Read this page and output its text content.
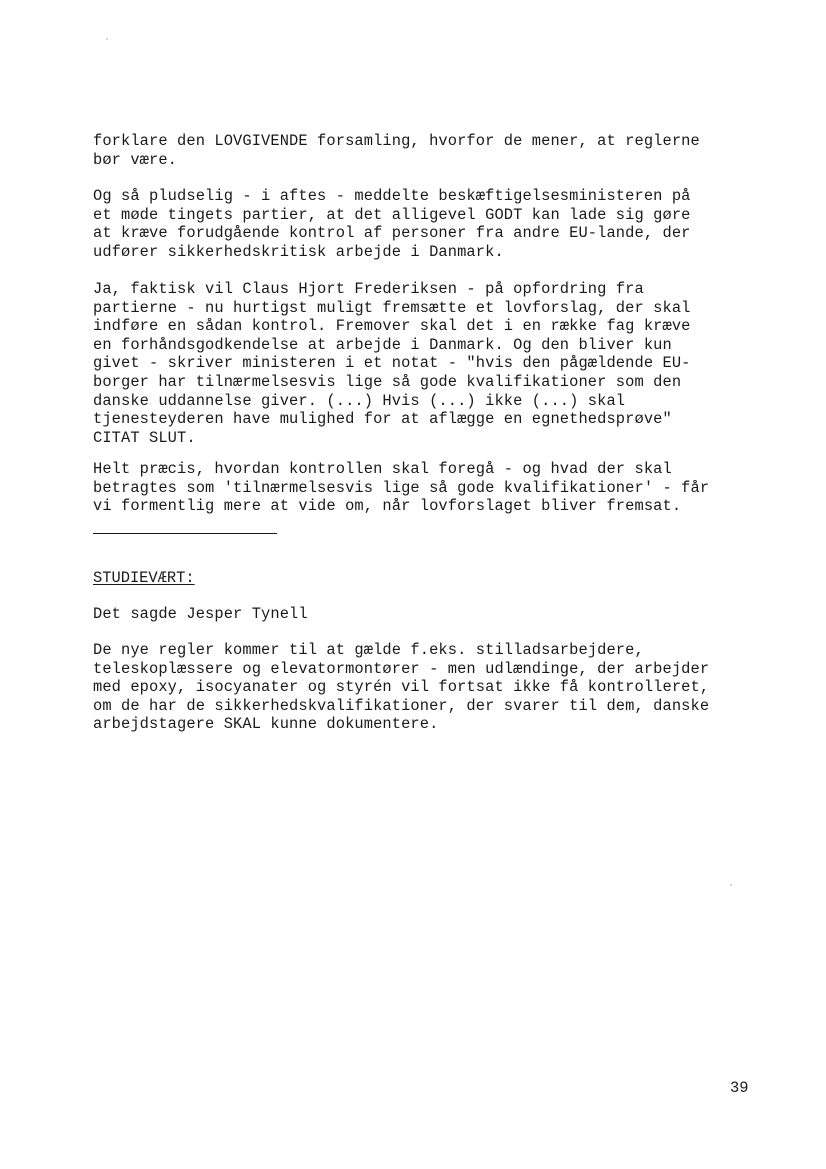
forklare den LOVGIVENDE forsamling, hvorfor de mener, at reglerne
bør være.

Og så pludselig - i aftes - meddelte beskæftigelsesministeren på
et møde tingets partier, at det alligevel GODT kan lade sig gøre
at kræve forudgående kontrol af personer fra andre EU-lande, der
udfører sikkerhedskritisk arbejde i Danmark.

Ja, faktisk vil Claus Hjort Frederiksen - på opfordring fra
partierne - nu hurtigst muligt fremsætte et lovforslag, der skal
indføre en sådan kontrol. Fremover skal det i en række fag kræve
en forhåndsgodkendelse at arbejde i Danmark. Og den bliver kun
givet - skriver ministeren i et notat - "hvis den pågældende EU-
borger har tilnærmelsesvis lige så gode kvalifikationer som den
danske uddannelse giver. (...) Hvis (...) ikke (...) skal
tjenesteyderen have mulighed for at aflægge en egnethedsprøve"
CITAT SLUT.

Helt præcis, hvordan kontrollen skal foregå - og hvad der skal
betragtes som 'tilnærmelsesvis lige så gode kvalifikationer' - får
vi formentlig mere at vide om, når lovforslaget bliver fremsat.

STUDIEVÆRT:

Det sagde Jesper Tynell

De nye regler kommer til at gælde f.eks. stilladsarbejdere,
teleskoplæssere og elevatormontører - men udlændinge, der arbejder
med epoxy, isocyanater og styrén vil fortsat ikke få kontrolleret,
om de har de sikkerhedskvalifikationer, der svarer til dem, danske
arbejdstagere SKAL kunne dokumentere.

39
